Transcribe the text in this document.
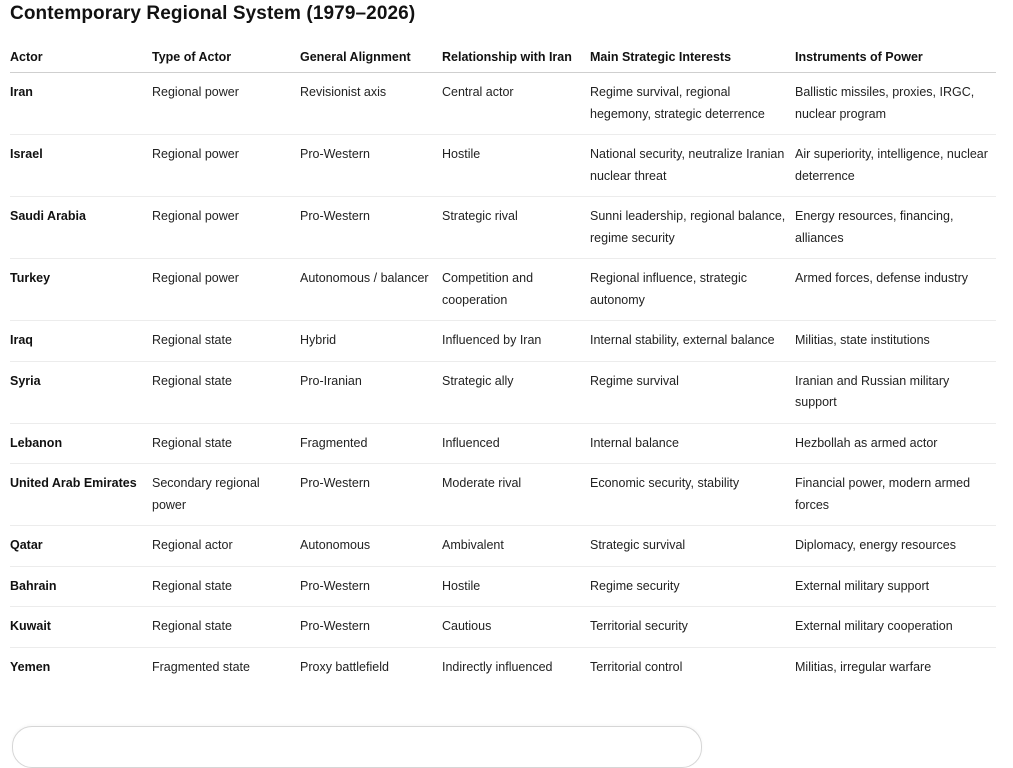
Contemporary Regional System (1979–2026)
Actor	Type of Actor	General Alignment	Relationship with Iran	Main Strategic Interests	Instruments of Power
Iran	Regional power	Revisionist axis	Central actor	Regime survival, regional hegemony, strategic deterrence	Ballistic missiles, proxies, IRGC, nuclear program
Israel	Regional power	Pro-Western	Hostile	National security, neutralize Iranian nuclear threat	Air superiority, intelligence, nuclear deterrence
Saudi Arabia	Regional power	Pro-Western	Strategic rival	Sunni leadership, regional balance, regime security	Energy resources, financing, alliances
Turkey	Regional power	Autonomous / balancer	Competition and cooperation	Regional influence, strategic autonomy	Armed forces, defense industry
Iraq	Regional state	Hybrid	Influenced by Iran	Internal stability, external balance	Militias, state institutions
Syria	Regional state	Pro-Iranian	Strategic ally	Regime survival	Iranian and Russian military support
Lebanon	Regional state	Fragmented	Influenced	Internal balance	Hezbollah as armed actor
United Arab Emirates	Secondary regional power	Pro-Western	Moderate rival	Economic security, stability	Financial power, modern armed forces
Qatar	Regional actor	Autonomous	Ambivalent	Strategic survival	Diplomacy, energy resources
Bahrain	Regional state	Pro-Western	Hostile	Regime security	External military support
Kuwait	Regional state	Pro-Western	Cautious	Territorial security	External military cooperation
Yemen	Fragmented state	Proxy battlefield	Indirectly influenced	Territorial control	Militias, irregular warfare
